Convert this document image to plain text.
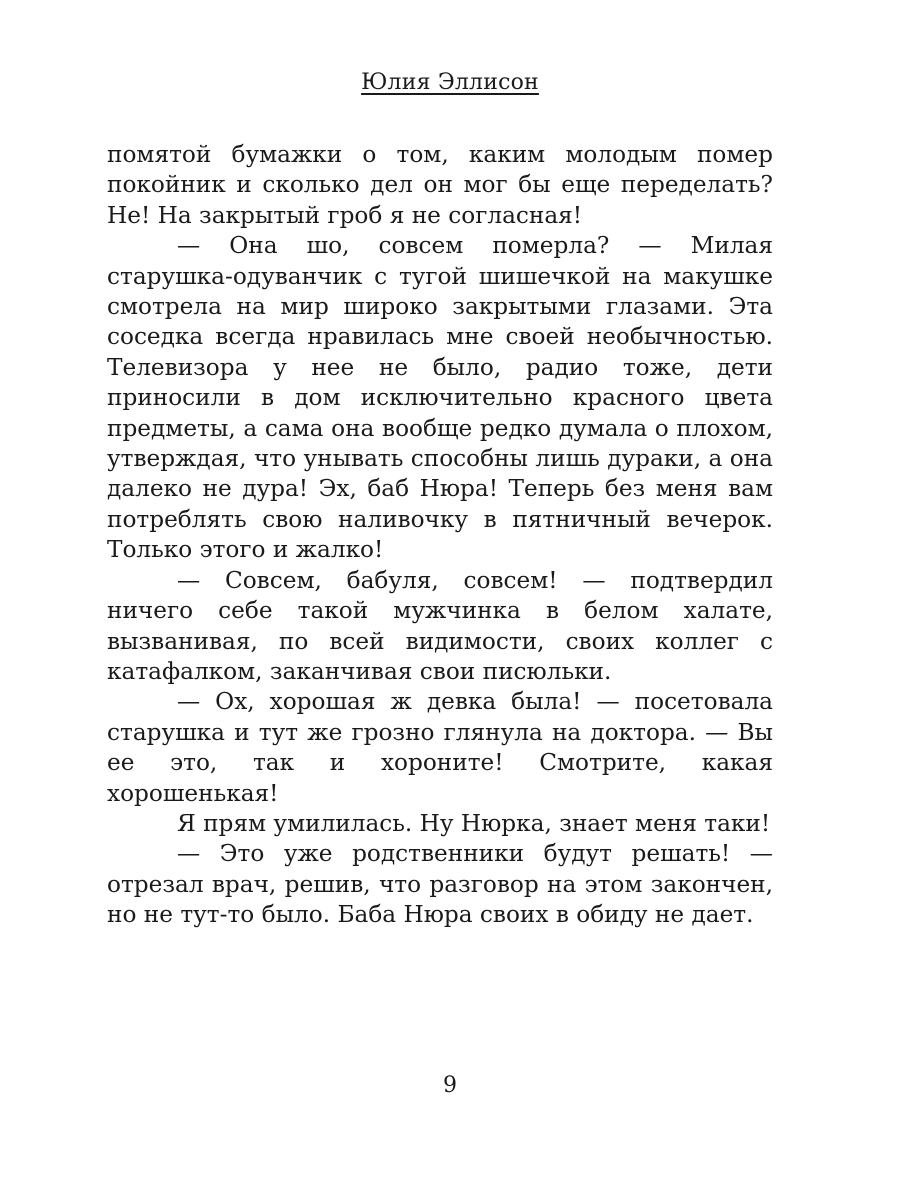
Юлия Эллисон

помятой бумажки о том, каким молодым помер покойник и сколько дел он мог бы еще переделать? Не! На закрытый гроб я не согласная!

— Она шо, совсем померла? — Милая старушка-одуванчик с тугой шишечкой на макушке смотрела на мир широко закрытыми глазами. Эта соседка всегда нравилась мне своей необычностью. Телевизора у нее не было, радио тоже, дети приносили в дом исключительно красного цвета предметы, а сама она вообще редко думала о плохом, утверждая, что унывать способны лишь дураки, а она далеко не дура! Эх, баб Нюра! Теперь без меня вам потреблять свою наливочку в пятничный вечерок. Только этого и жалко!

— Совсем, бабуля, совсем! — подтвердил ничего себе такой мужчинка в белом халате, вызванивая, по всей видимости, своих коллег с катафалком, заканчивая свои писюльки.

— Ох, хорошая ж девка была! — посетовала старушка и тут же грозно глянула на доктора. — Вы ее это, так и хороните! Смотрите, какая хорошенькая!

Я прям умилилась. Ну Нюрка, знает меня таки!

— Это уже родственники будут решать! — отрезал врач, решив, что разговор на этом закончен, но не тут-то было. Баба Нюра своих в обиду не дает.

9
